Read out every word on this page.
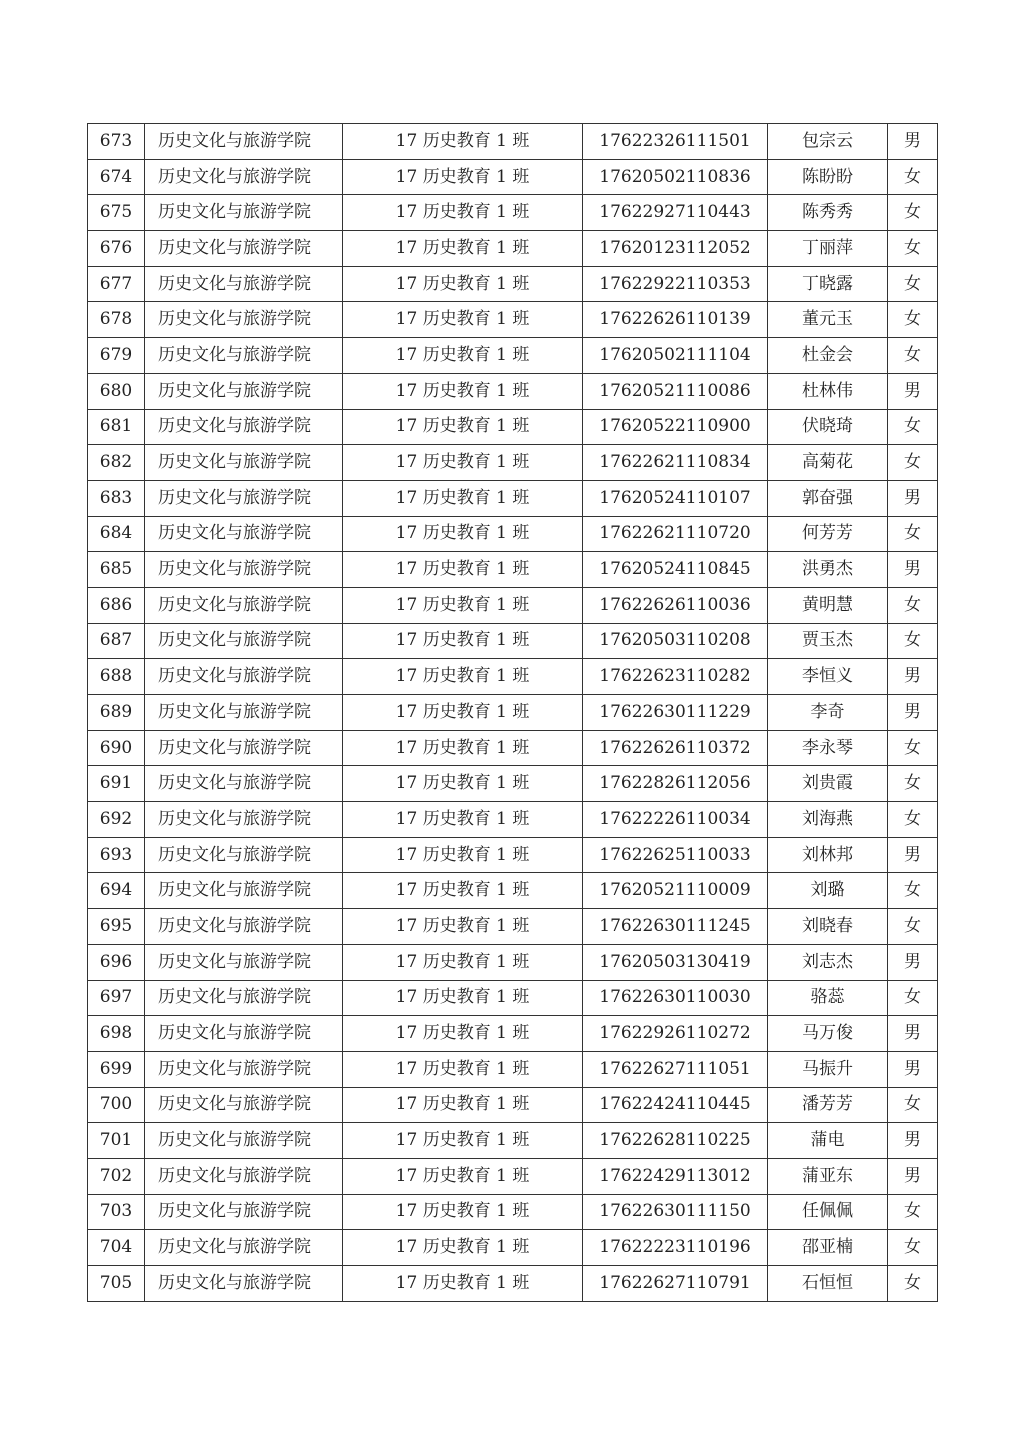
673	历史文化与旅游学院	17 历史教育 1 班	17622326111501	包宗云	男
674	历史文化与旅游学院	17 历史教育 1 班	17620502110836	陈盼盼	女
675	历史文化与旅游学院	17 历史教育 1 班	17622927110443	陈秀秀	女
676	历史文化与旅游学院	17 历史教育 1 班	17620123112052	丁丽萍	女
677	历史文化与旅游学院	17 历史教育 1 班	17622922110353	丁晓露	女
678	历史文化与旅游学院	17 历史教育 1 班	17622626110139	董元玉	女
679	历史文化与旅游学院	17 历史教育 1 班	17620502111104	杜金会	女
680	历史文化与旅游学院	17 历史教育 1 班	17620521110086	杜林伟	男
681	历史文化与旅游学院	17 历史教育 1 班	17620522110900	伏晓琦	女
682	历史文化与旅游学院	17 历史教育 1 班	17622621110834	高菊花	女
683	历史文化与旅游学院	17 历史教育 1 班	17620524110107	郭奋强	男
684	历史文化与旅游学院	17 历史教育 1 班	17622621110720	何芳芳	女
685	历史文化与旅游学院	17 历史教育 1 班	17620524110845	洪勇杰	男
686	历史文化与旅游学院	17 历史教育 1 班	17622626110036	黄明慧	女
687	历史文化与旅游学院	17 历史教育 1 班	17620503110208	贾玉杰	女
688	历史文化与旅游学院	17 历史教育 1 班	17622623110282	李恒义	男
689	历史文化与旅游学院	17 历史教育 1 班	17622630111229	李奇	男
690	历史文化与旅游学院	17 历史教育 1 班	17622626110372	李永琴	女
691	历史文化与旅游学院	17 历史教育 1 班	17622826112056	刘贵霞	女
692	历史文化与旅游学院	17 历史教育 1 班	17622226110034	刘海燕	女
693	历史文化与旅游学院	17 历史教育 1 班	17622625110033	刘林邦	男
694	历史文化与旅游学院	17 历史教育 1 班	17620521110009	刘璐	女
695	历史文化与旅游学院	17 历史教育 1 班	17622630111245	刘晓春	女
696	历史文化与旅游学院	17 历史教育 1 班	17620503130419	刘志杰	男
697	历史文化与旅游学院	17 历史教育 1 班	17622630110030	骆蕊	女
698	历史文化与旅游学院	17 历史教育 1 班	17622926110272	马万俊	男
699	历史文化与旅游学院	17 历史教育 1 班	17622627111051	马振升	男
700	历史文化与旅游学院	17 历史教育 1 班	17622424110445	潘芳芳	女
701	历史文化与旅游学院	17 历史教育 1 班	17622628110225	蒲电	男
702	历史文化与旅游学院	17 历史教育 1 班	17622429113012	蒲亚东	男
703	历史文化与旅游学院	17 历史教育 1 班	17622630111150	任佩佩	女
704	历史文化与旅游学院	17 历史教育 1 班	17622223110196	邵亚楠	女
705	历史文化与旅游学院	17 历史教育 1 班	17622627110791	石恒恒	女
